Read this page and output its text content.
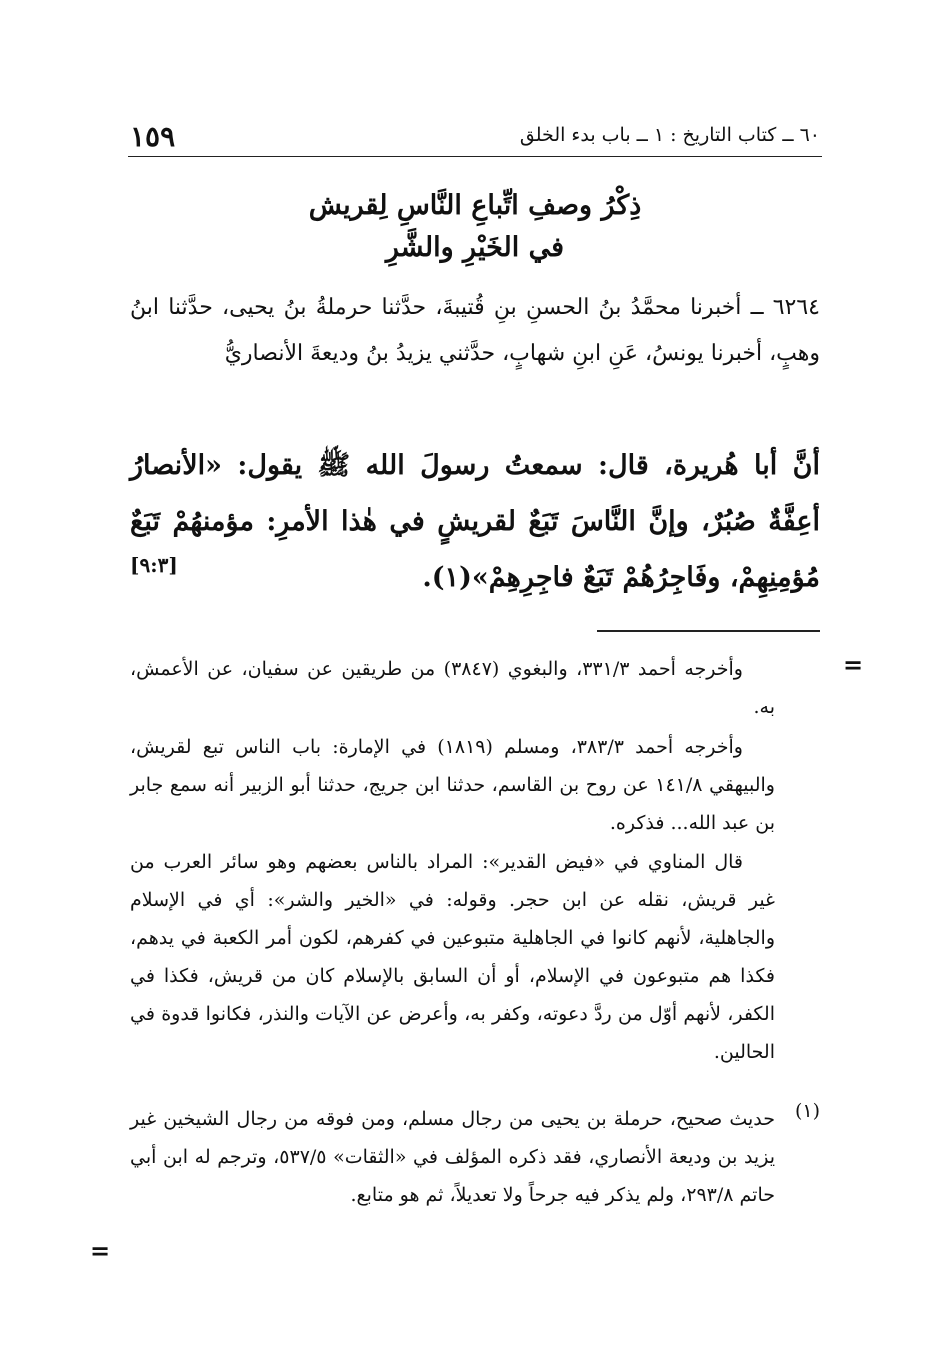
١٥٩	٦٠ ــ كتاب التاريخ : ١ ــ باب بدء الخلق
ذِكْرُ وصفِ اتِّباعِ النَّاسِ لِقريش
في الخَيْرِ والشَّرِ
٦٢٦٤ ــ أخبرنا محمَّدُ بنُ الحسنِ بنِ قُتيبةَ، حدَّثنا حرملةُ بنُ يحيى، حدَّثنا ابنُ وهبٍ، أخبرنا يونسُ، عَنِ ابنِ شهابٍ، حدَّثني يزيدُ بنُ وديعةَ الأنصاريُّ
أنَّ أبا هُريرة، قال: سمعتُ رسولَ الله ﷺ يقول: «الأنصارُ أعِفَّةٌ صُبُرٌ، وإنَّ النَّاسَ تَبَعٌ لقريشٍ في هٰذا الأمرِ: مؤمنهُمْ تَبَعٌ مُؤمِنِهِمْ، وفَاجِرُهُمْ تَبَعٌ فاجِرِهِمْ»(١).
[٩:٣]
=
وأخرجه أحمد ٣٣١/٣، والبغوي (٣٨٤٧) من طريقين عن سفيان، عن الأعمش، به.
وأخرجه أحمد ٣٨٣/٣، ومسلم (١٨١٩) في الإمارة: باب الناس تبع لقريش، والبيهقي ١٤١/٨ عن روح بن القاسم، حدثنا ابن جريج، حدثنا أبو الزبير أنه سمع جابر بن عبد الله... فذكره.
قال المناوي في «فيض القدير»: المراد بالناس بعضهم وهو سائر العرب من غير قريش، نقله عن ابن حجر. وقوله: في «الخير والشر»: أي في الإسلام والجاهلية، لأنهم كانوا في الجاهلية متبوعين في كفرهم، لكون أمر الكعبة في يدهم، فكذا هم متبوعون في الإسلام، أو أن السابق بالإسلام كان من قريش، فكذا في الكفر، لأنهم أوّل من ردَّ دعوته، وكفر به، وأعرض عن الآيات والنذر، فكانوا قدوة في الحالين.
(١)
حديث صحيح، حرملة بن يحيى من رجال مسلم، ومن فوقه من رجال الشيخين غير يزيد بن وديعة الأنصاري، فقد ذكره المؤلف في «الثقات» ٥٣٧/٥، وترجم له ابن أبي حاتم ٢٩٣/٨، ولم يذكر فيه جرحاً ولا تعديلاً، ثم هو متابع.
=
